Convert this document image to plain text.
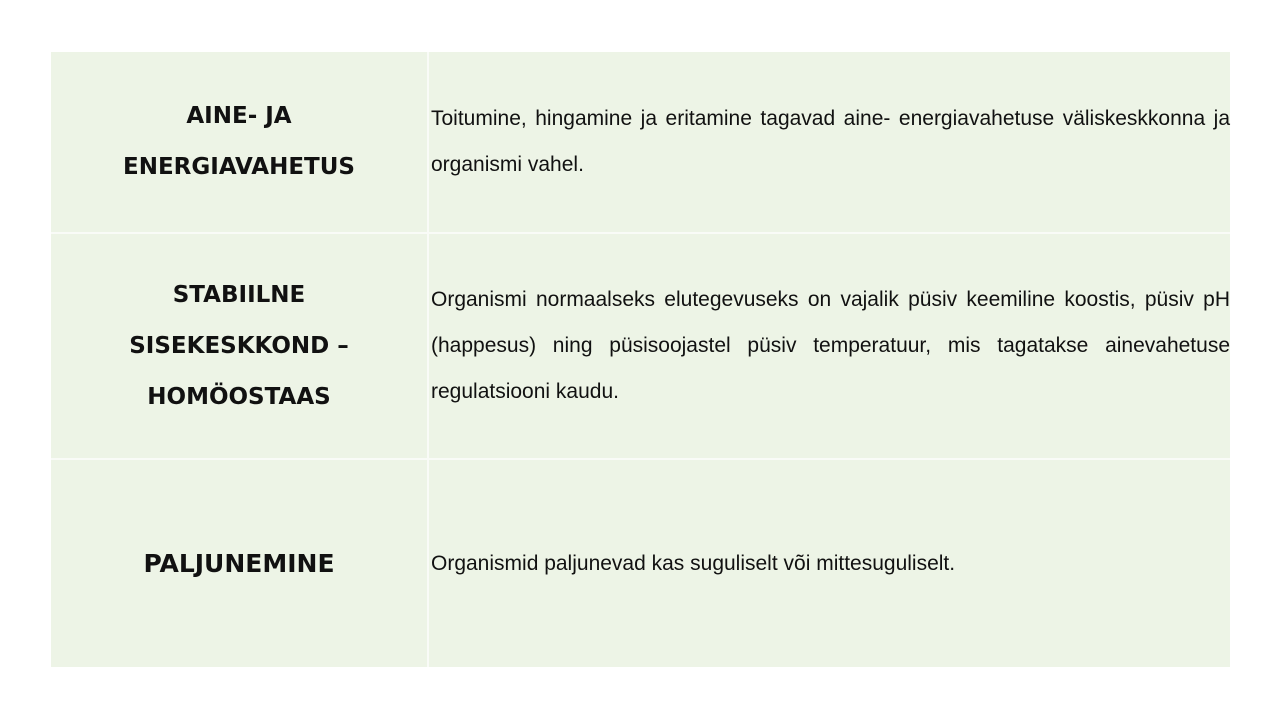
AINE- JA
ENERGIAVAHETUS

Toitumine, hingamine ja eritamine tagavad aine- energiavahetuse väliskeskkonna ja organismi vahel.

STABIILNE
SISEKESKKOND –
HOMÖOSTAAS

Organismi normaalseks elutegevuseks on vajalik püsiv keemiline koostis, püsiv pH (happesus) ning püsisoojastel püsiv temperatuur, mis tagatakse ainevahetuse regulatsiooni kaudu.

PALJUNEMINE	Organismid paljunevad kas suguliselt või mittesuguliselt.
